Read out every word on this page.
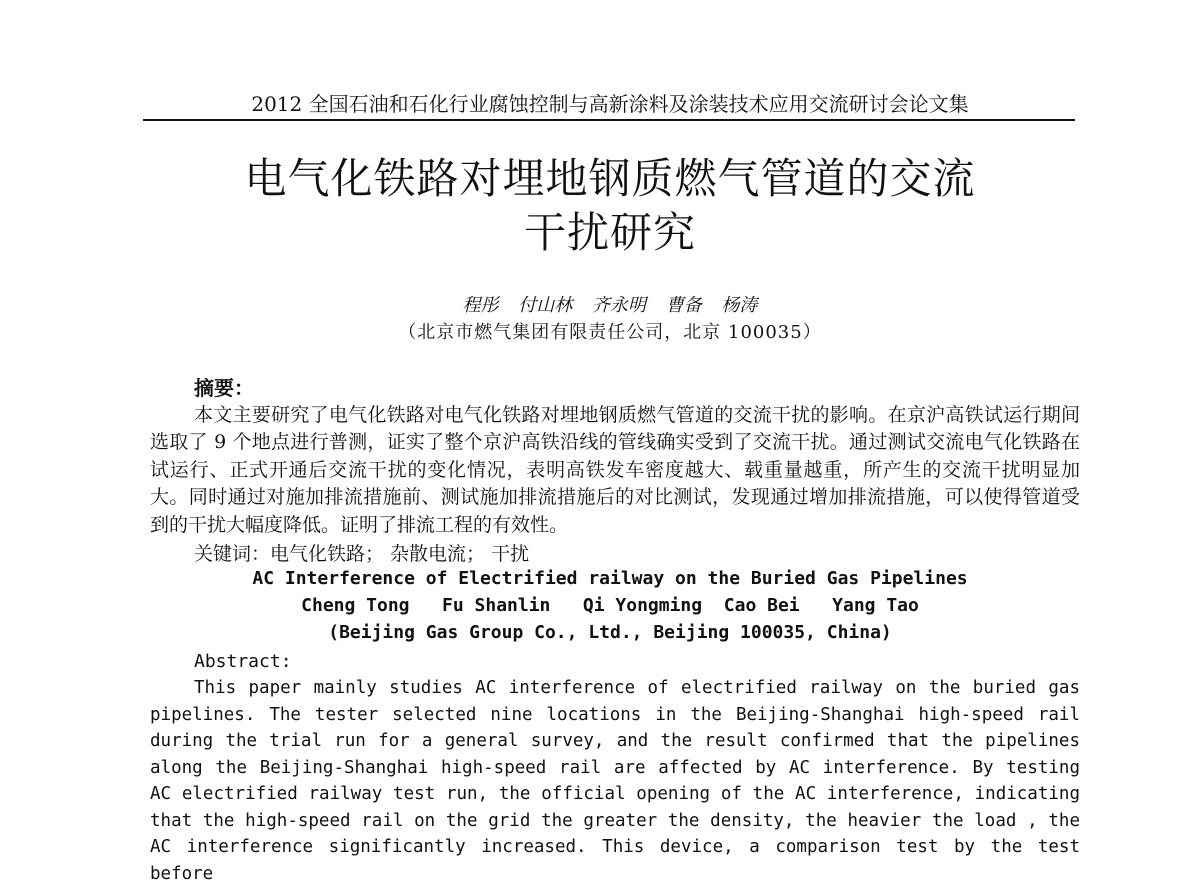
2012 全国石油和石化行业腐蚀控制与高新涂料及涂装技术应用交流研讨会论文集
电气化铁路对埋地钢质燃气管道的交流
干扰研究
程彤 付山林 齐永明 曹备 杨涛
（北京市燃气集团有限责任公司，北京 100035）
摘要：
本文主要研究了电气化铁路对电气化铁路对埋地钢质燃气管道的交流干扰的影响。在京沪高铁试运行期间选取了 9 个地点进行普测，证实了整个京沪高铁沿线的管线确实受到了交流干扰。通过测试交流电气化铁路在试运行、正式开通后交流干扰的变化情况，表明高铁发车密度越大、载重量越重，所产生的交流干扰明显加大。同时通过对施加排流措施前、测试施加排流措施后的对比测试，发现通过增加排流措施，可以使得管道受到的干扰大幅度降低。证明了排流工程的有效性。
关键词：电气化铁路； 杂散电流； 干扰
AC Interference of Electrified railway on the Buried Gas Pipelines
Cheng Tong   Fu Shanlin   Qi Yongming  Cao Bei   Yang Tao
(Beijing Gas Group Co., Ltd., Beijing 100035, China)
Abstract:
This paper mainly studies AC interference of electrified railway on the buried gas pipelines. The tester selected nine locations in the Beijing-Shanghai high-speed rail during the trial run for a general survey, and the result confirmed that the pipelines along the Beijing-Shanghai high-speed rail are affected by AC interference. By testing AC electrified railway test run, the official opening of the AC interference, indicating that the high-speed rail on the grid the greater the density, the heavier the load , the AC interference significantly increased. This device, a comparison test by the test before
